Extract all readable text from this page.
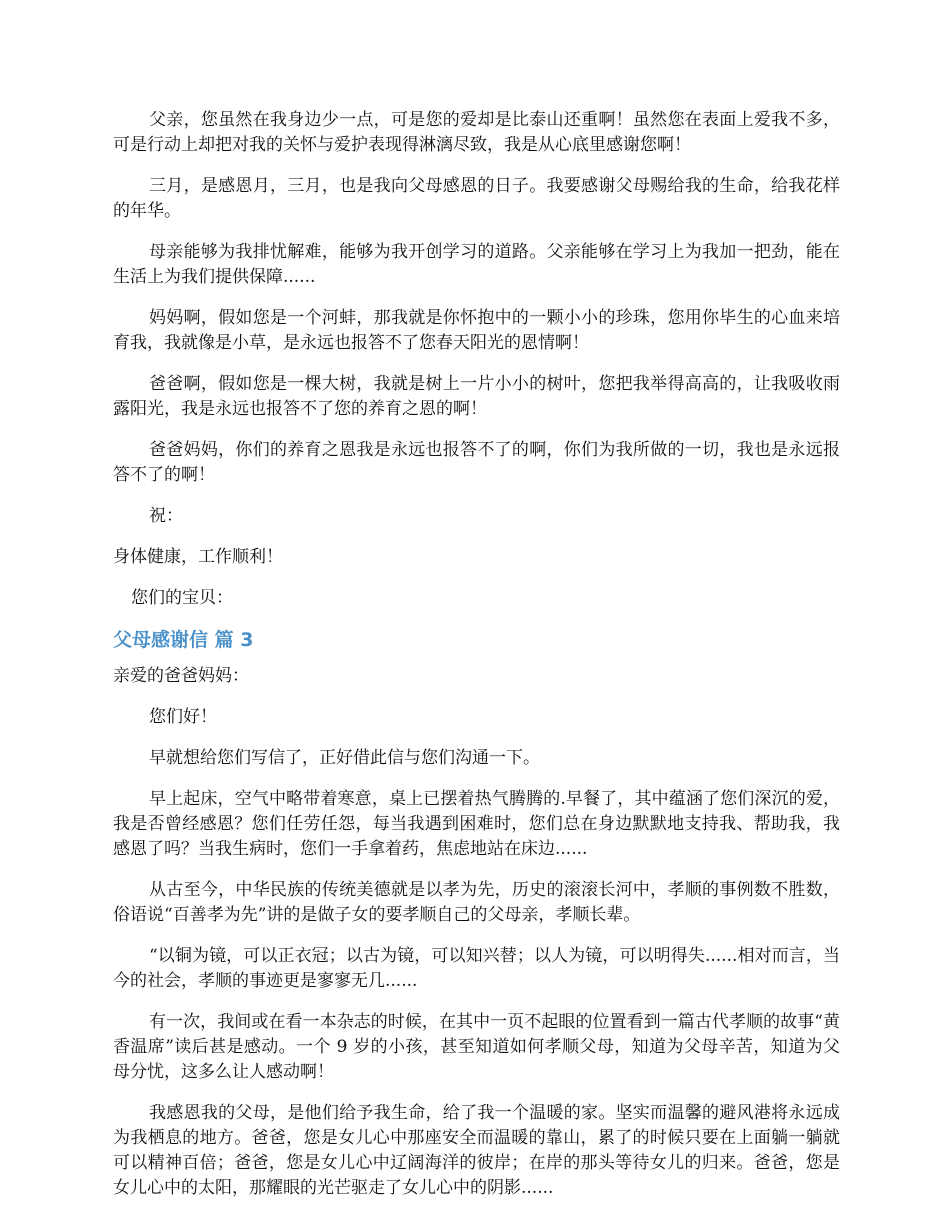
父亲，您虽然在我身边少一点，可是您的爱却是比泰山还重啊！虽然您在表面上爱我不多，可是行动上却把对我的关怀与爱护表现得淋漓尽致，我是从心底里感谢您啊！

三月，是感恩月，三月，也是我向父母感恩的日子。我要感谢父母赐给我的生命，给我花样的年华。

母亲能够为我排忧解难，能够为我开创学习的道路。父亲能够在学习上为我加一把劲，能在生活上为我们提供保障......

妈妈啊，假如您是一个河蚌，那我就是你怀抱中的一颗小小的珍珠，您用你毕生的心血来培育我，我就像是小草，是永远也报答不了您春天阳光的恩情啊！

爸爸啊，假如您是一棵大树，我就是树上一片小小的树叶，您把我举得高高的，让我吸收雨露阳光，我是永远也报答不了您的养育之恩的啊！

爸爸妈妈，你们的养育之恩我是永远也报答不了的啊，你们为我所做的一切，我也是永远报答不了的啊！

祝：

身体健康，工作顺利！

您们的宝贝：

父母感谢信 篇 3

亲爱的爸爸妈妈：

您们好！

早就想给您们写信了，正好借此信与您们沟通一下。

早上起床，空气中略带着寒意，桌上已摆着热气腾腾的.早餐了，其中蕴涵了您们深沉的爱，我是否曾经感恩？您们任劳任怨，每当我遇到困难时，您们总在身边默默地支持我、帮助我，我感恩了吗？当我生病时，您们一手拿着药，焦虑地站在床边......

从古至今，中华民族的传统美德就是以孝为先，历史的滚滚长河中，孝顺的事例数不胜数，俗语说“百善孝为先”讲的是做子女的要孝顺自己的父母亲，孝顺长辈。

“以铜为镜，可以正衣冠；以古为镜，可以知兴替；以人为镜，可以明得失......相对而言，当今的社会，孝顺的事迹更是寥寥无几......

有一次，我间或在看一本杂志的时候，在其中一页不起眼的位置看到一篇古代孝顺的故事“黄香温席”读后甚是感动。一个 9 岁的小孩，甚至知道如何孝顺父母，知道为父母辛苦，知道为父母分忧，这多么让人感动啊！

我感恩我的父母，是他们给予我生命，给了我一个温暖的家。坚实而温馨的避风港将永远成为我栖息的地方。爸爸，您是女儿心中那座安全而温暖的靠山，累了的时候只要在上面躺一躺就可以精神百倍；爸爸，您是女儿心中辽阔海洋的彼岸；在岸的那头等待女儿的归来。爸爸，您是女儿心中的太阳，那耀眼的光芒驱走了女儿心中的阴影......
